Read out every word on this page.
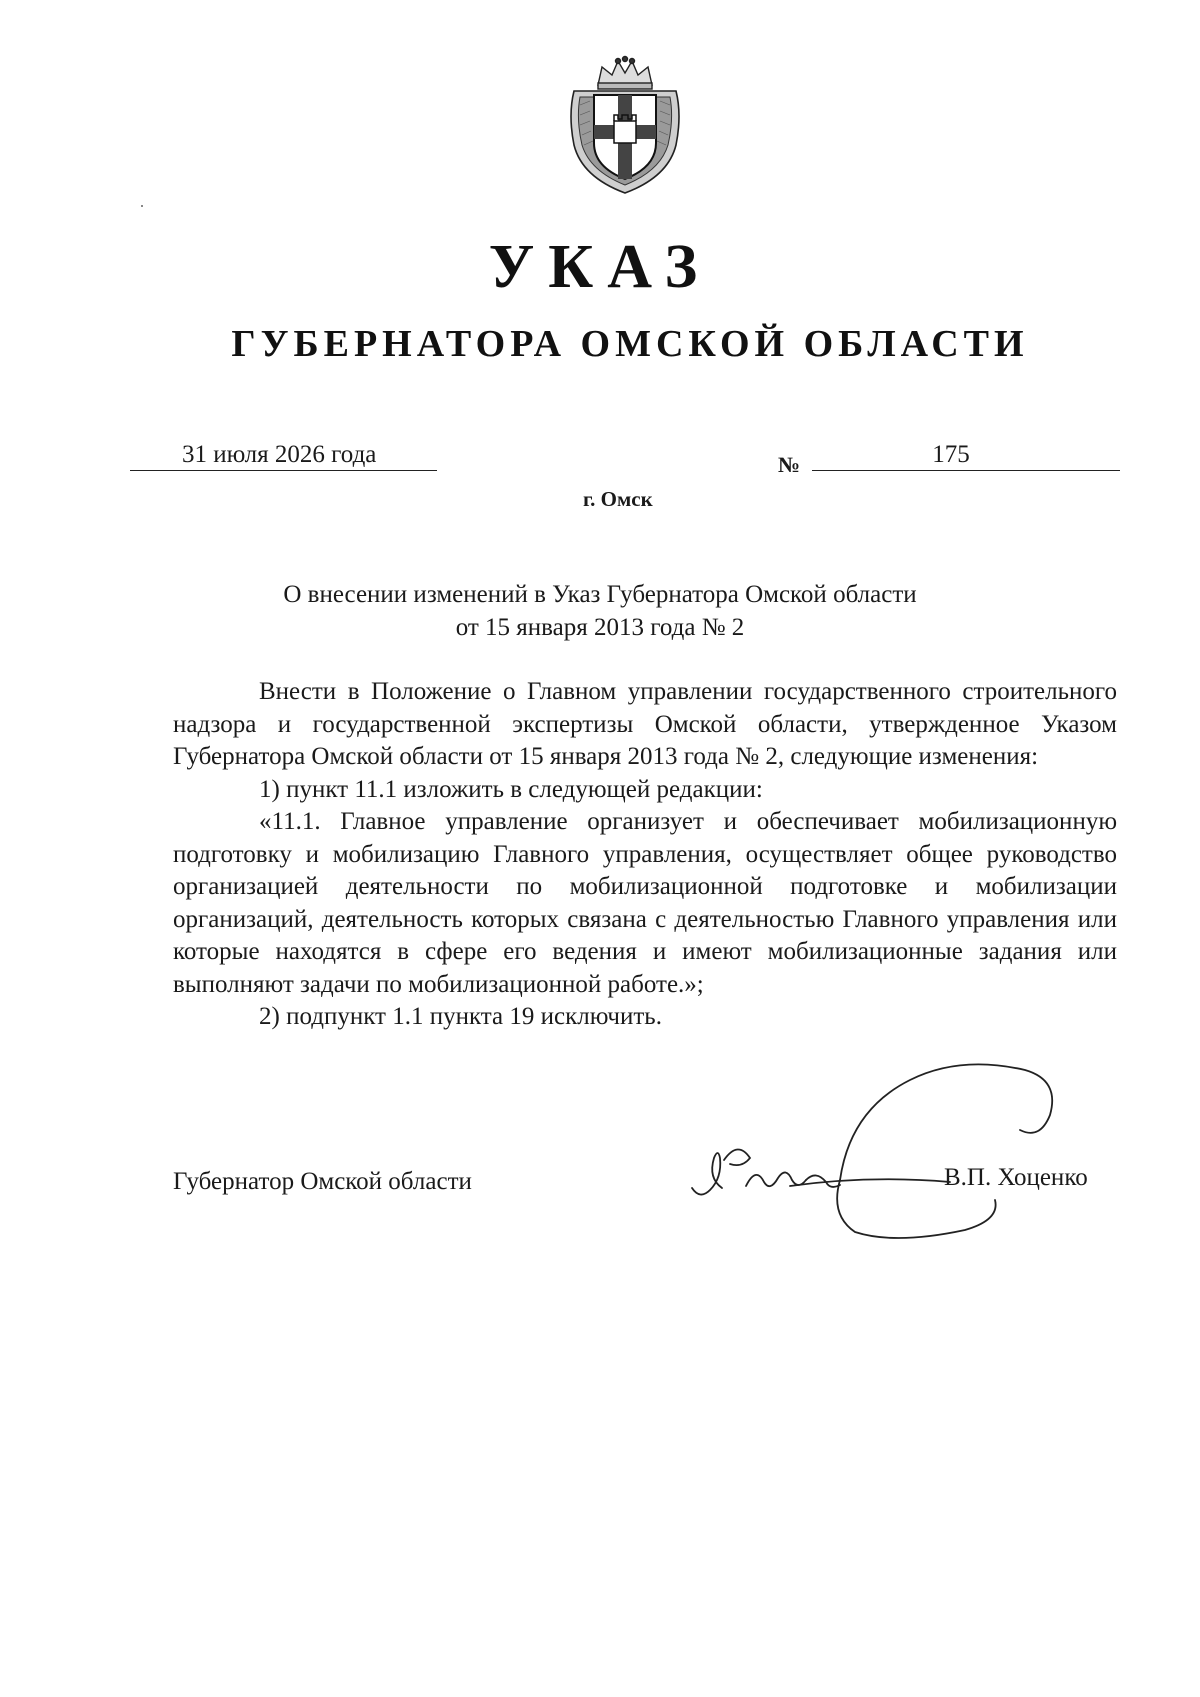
УКАЗ
ГУБЕРНАТОРА ОМСКОЙ ОБЛАСТИ
31 июля 2026 года	№	175
г. Омск
О внесении изменений в Указ Губернатора Омской области
от 15 января 2013 года № 2

Внести в Положение о Главном управлении государственного строительного надзора и государственной экспертизы Омской области, утвержденное Указом Губернатора Омской области от 15 января 2013 года № 2, следующие изменения:

1) пункт 11.1 изложить в следующей редакции:

«11.1. Главное управление организует и обеспечивает мобилизационную подготовку и мобилизацию Главного управления, осуществляет общее руководство организацией деятельности по мобилизационной подготовке и мобилизации организаций, деятельность которых связана с деятельностью Главного управления или которые находятся в сфере его ведения и имеют мобилизационные задания или выполняют задачи по мобилизационной работе.»;

2) подпункт 1.1 пункта 19 исключить.

Губернатор Омской области	В.П. Хоценко
